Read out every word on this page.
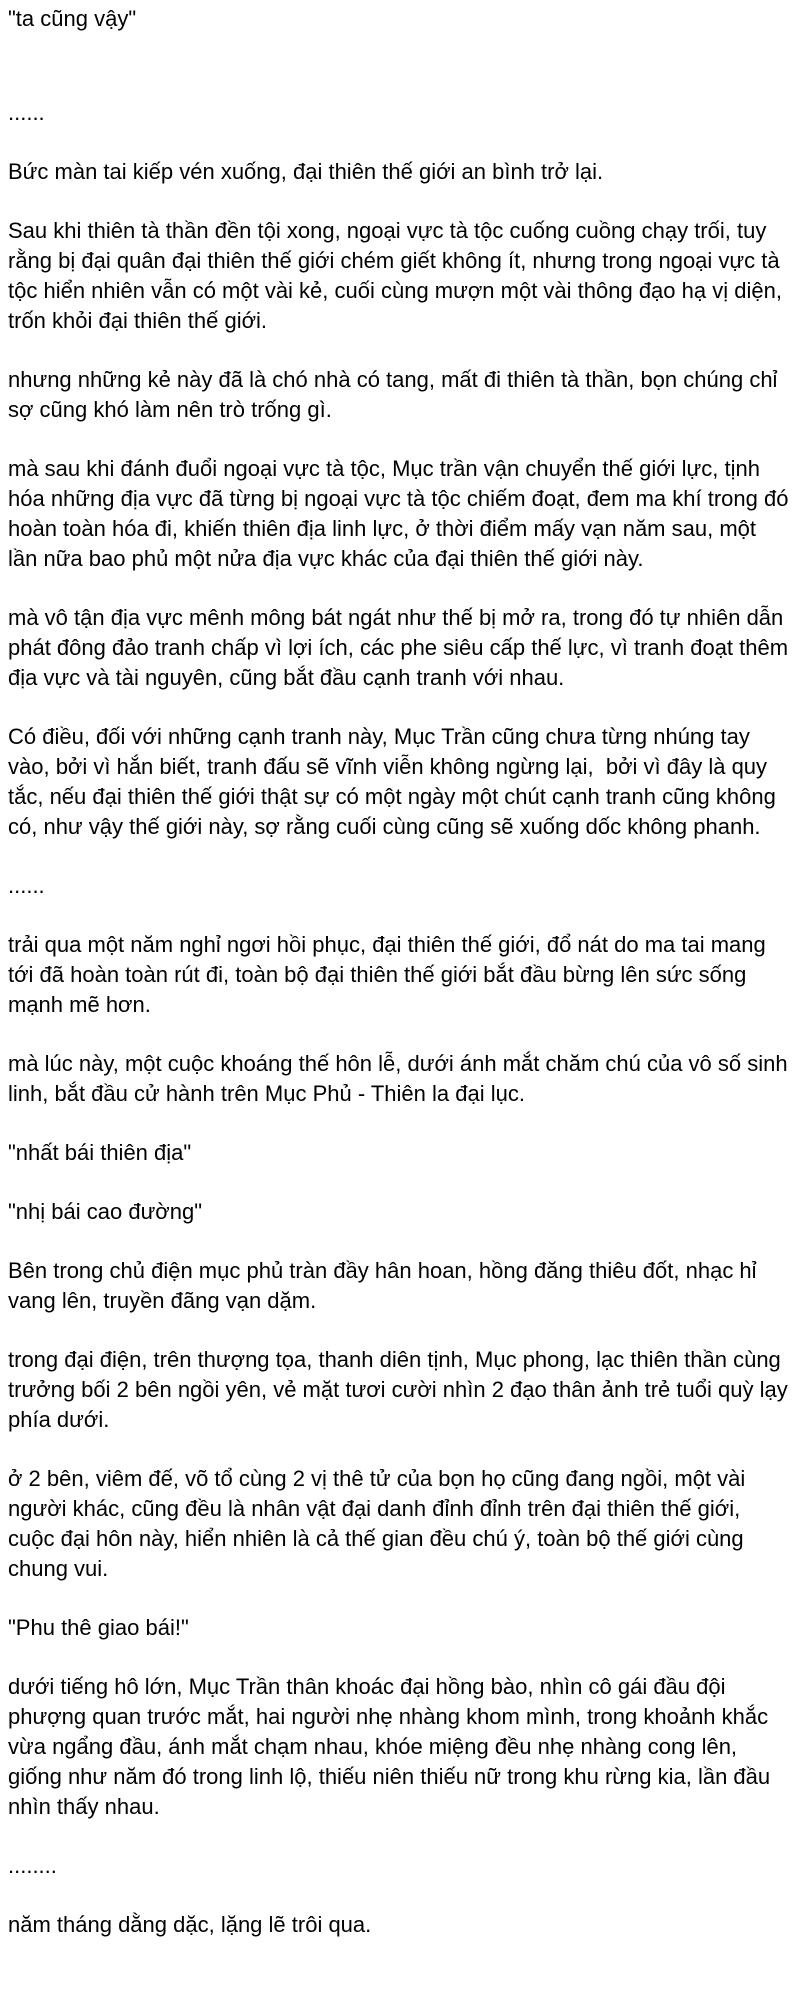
"ta cũng vậy"

......

Bức màn tai kiếp vén xuống, đại thiên thế giới an bình trở lại.

Sau khi thiên tà thần đền tội xong, ngoại vực tà tộc cuống cuồng chạy trối, tuy rằng bị đại quân đại thiên thế giới chém giết không ít, nhưng trong ngoại vực tà tộc hiển nhiên vẫn có một vài kẻ, cuối cùng mượn một vài thông đạo hạ vị diện, trốn khỏi đại thiên thế giới.

nhưng những kẻ này đã là chó nhà có tang, mất đi thiên tà thần, bọn chúng chỉ sợ cũng khó làm nên trò trống gì.

mà sau khi đánh đuổi ngoại vực tà tộc, Mục trần vận chuyển thế giới lực, tịnh hóa những địa vực đã từng bị ngoại vực tà tộc chiếm đoạt, đem ma khí trong đó hoàn toàn hóa đi, khiến thiên địa linh lực, ở thời điểm mấy vạn năm sau, một lần nữa bao phủ một nửa địa vực khác của đại thiên thế giới này.

mà vô tận địa vực mênh mông bát ngát như thế bị mở ra, trong đó tự nhiên dẫn phát đông đảo tranh chấp vì lợi ích, các phe siêu cấp thế lực, vì tranh đoạt thêm địa vực và tài nguyên, cũng bắt đầu cạnh tranh với nhau.

Có điều, đối với những cạnh tranh này, Mục Trần cũng chưa từng nhúng tay vào, bởi vì hắn biết, tranh đấu sẽ vĩnh viễn không ngừng lại,  bởi vì đây là quy tắc, nếu đại thiên thế giới thật sự có một ngày một chút cạnh tranh cũng không có, như vậy thế giới này, sợ rằng cuối cùng cũng sẽ xuống dốc không phanh.

......

trải qua một năm nghỉ ngơi hồi phục, đại thiên thế giới, đổ nát do ma tai mang tới đã hoàn toàn rút đi, toàn bộ đại thiên thế giới bắt đầu bừng lên sức sống mạnh mẽ hơn.

mà lúc này, một cuộc khoáng thế hôn lễ, dưới ánh mắt chăm chú của vô số sinh linh, bắt đầu cử hành trên Mục Phủ - Thiên la đại lục.

"nhất bái thiên địa"

"nhị bái cao đường"

Bên trong chủ điện mục phủ tràn đầy hân hoan, hồng đăng thiêu đốt, nhạc hỉ vang lên, truyền đãng vạn dặm.

trong đại điện, trên thượng tọa, thanh diên tịnh, Mục phong, lạc thiên thần cùng trưởng bối 2 bên ngồi yên, vẻ mặt tươi cười nhìn 2 đạo thân ảnh trẻ tuổi quỳ lạy phía dưới.

ở 2 bên, viêm đế, võ tổ cùng 2 vị thê tử của bọn họ cũng đang ngồi, một vài người khác, cũng đều là nhân vật đại danh đỉnh đỉnh trên đại thiên thế giới, cuộc đại hôn này, hiển nhiên là cả thế gian đều chú ý, toàn bộ thế giới cùng chung vui.

"Phu thê giao bái!"

dưới tiếng hô lớn, Mục Trần thân khoác đại hồng bào, nhìn cô gái đầu đội phượng quan trước mắt, hai người nhẹ nhàng khom mình, trong khoảnh khắc vừa ngẩng đầu, ánh mắt chạm nhau, khóe miệng đều nhẹ nhàng cong lên, giống như năm đó trong linh lộ, thiếu niên thiếu nữ trong khu rừng kia, lần đầu nhìn thấy nhau.

........

năm tháng dằng dặc, lặng lẽ trôi qua.
